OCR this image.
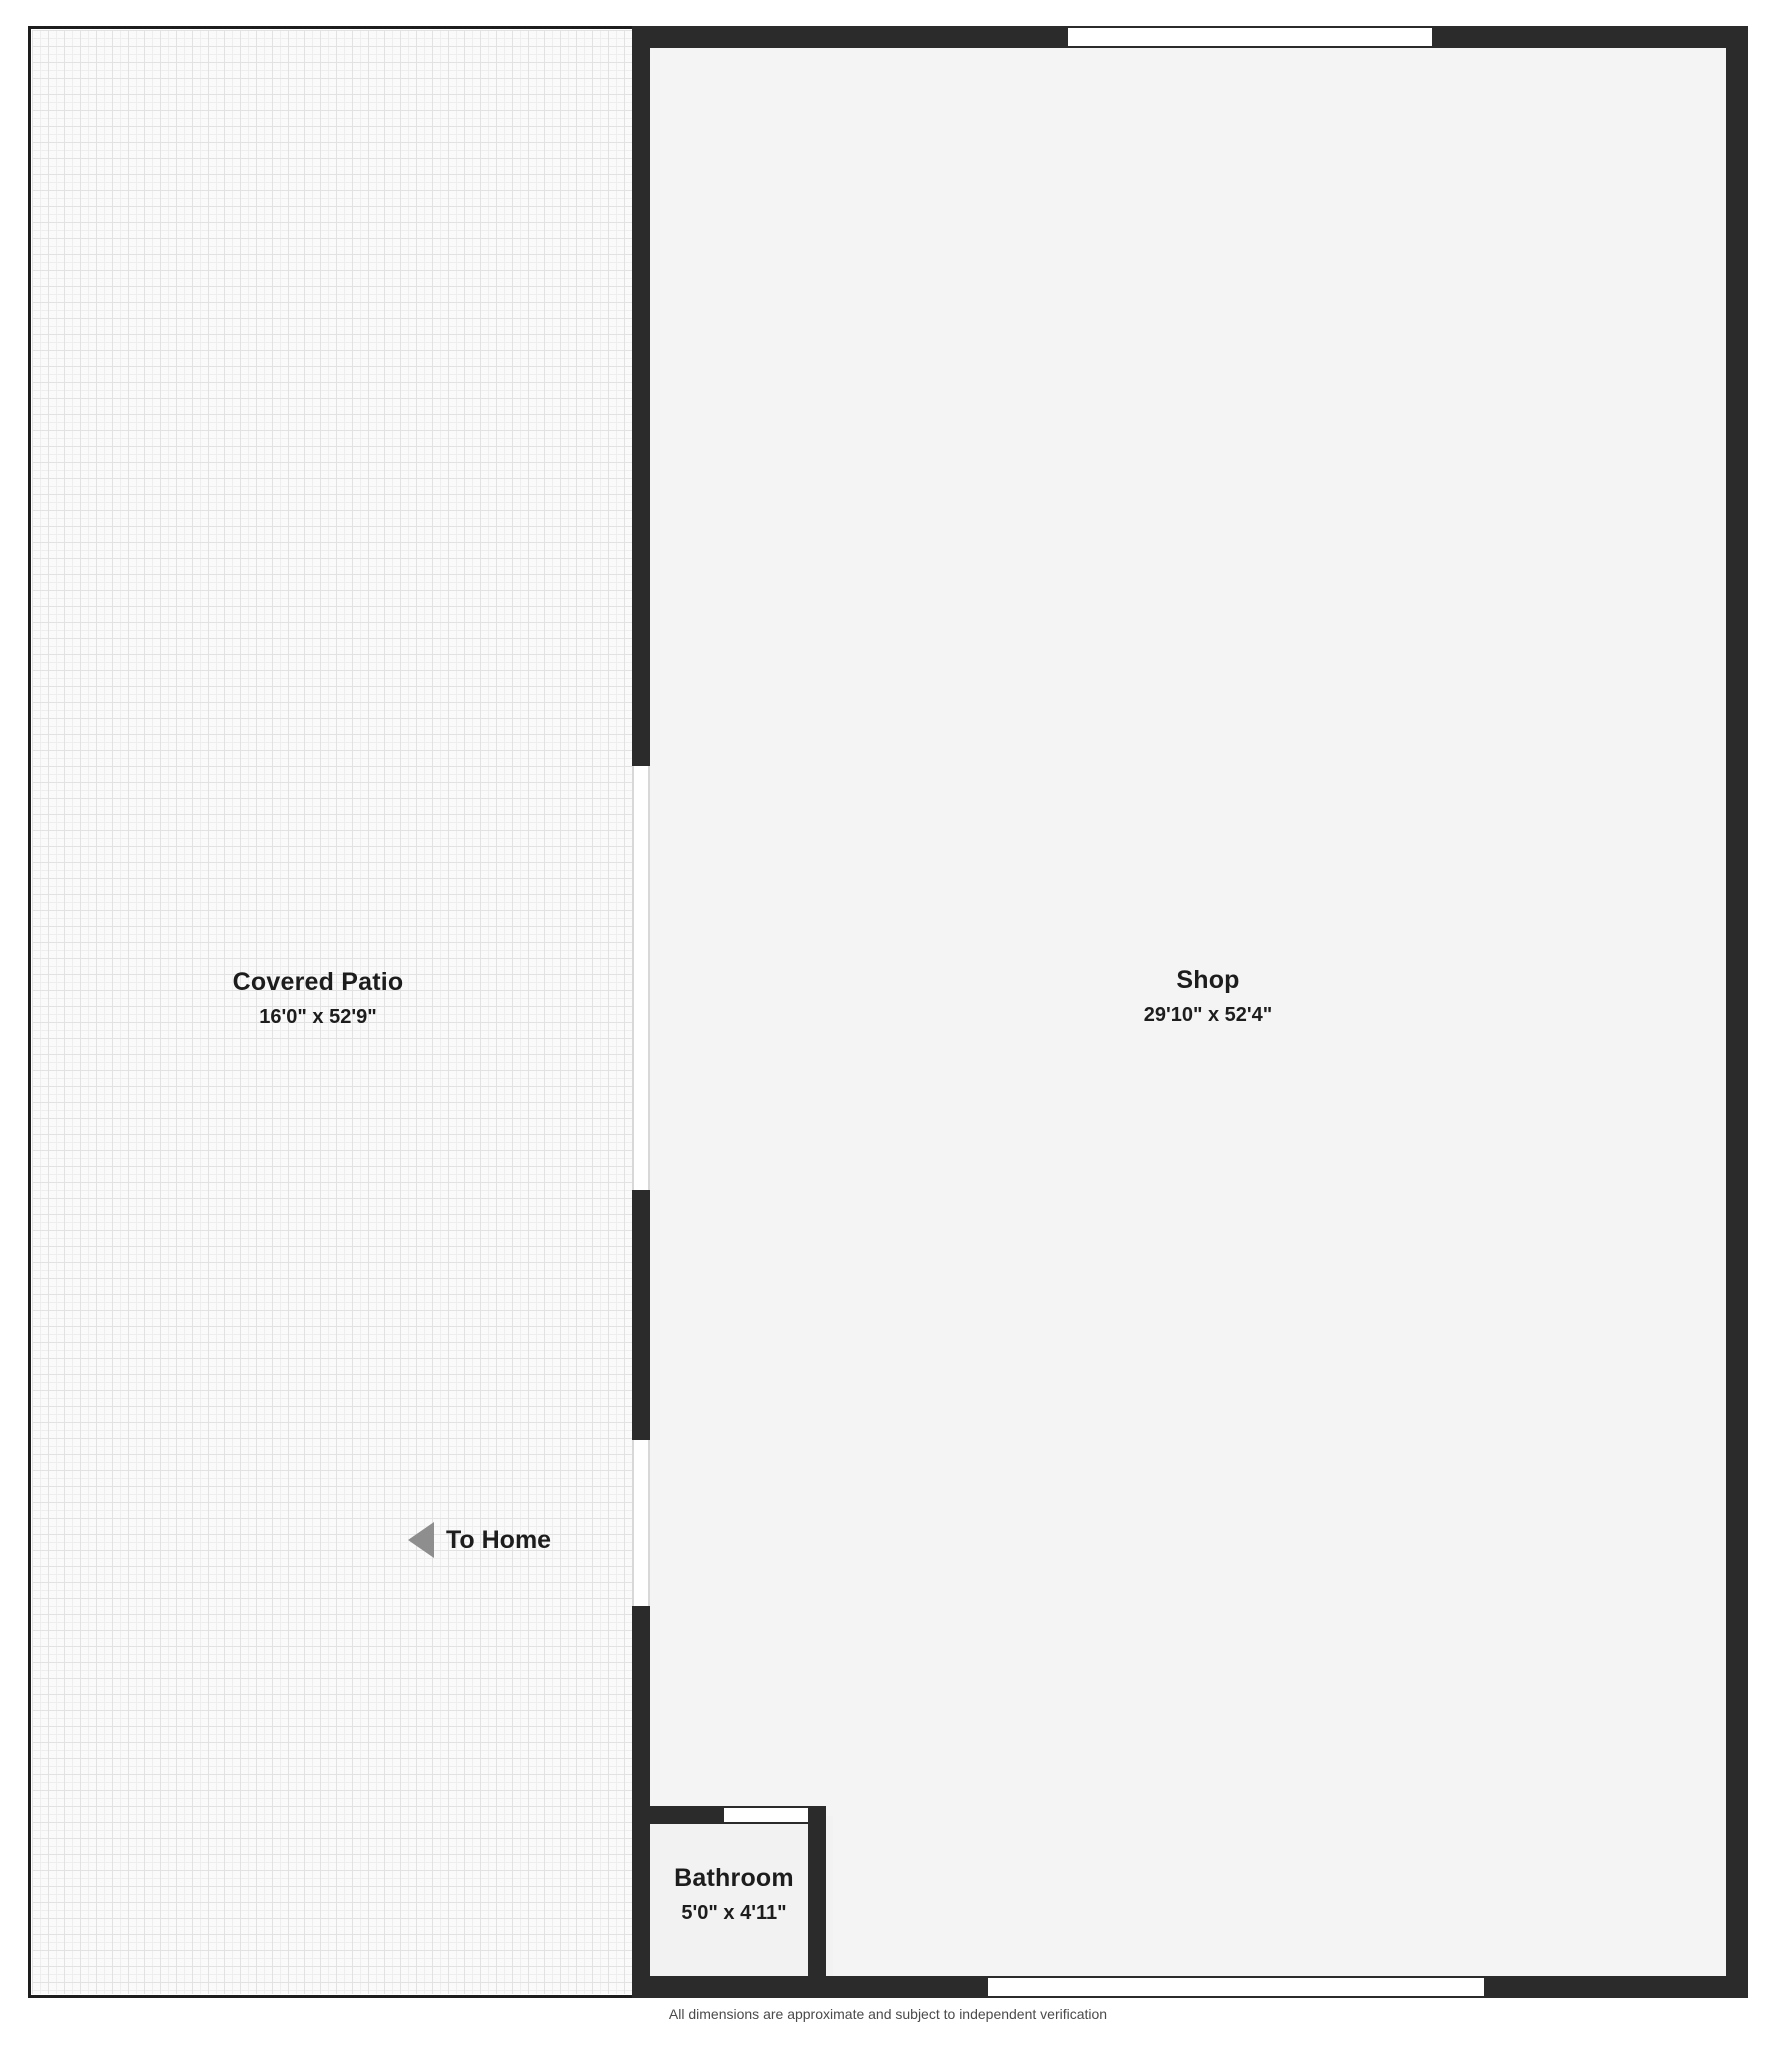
Covered Patio
16'0" x 52'9"
Shop
29'10" x 52'4"
Bathroom
5'0" x 4'11"
To Home
All dimensions are approximate and subject to independent verification
